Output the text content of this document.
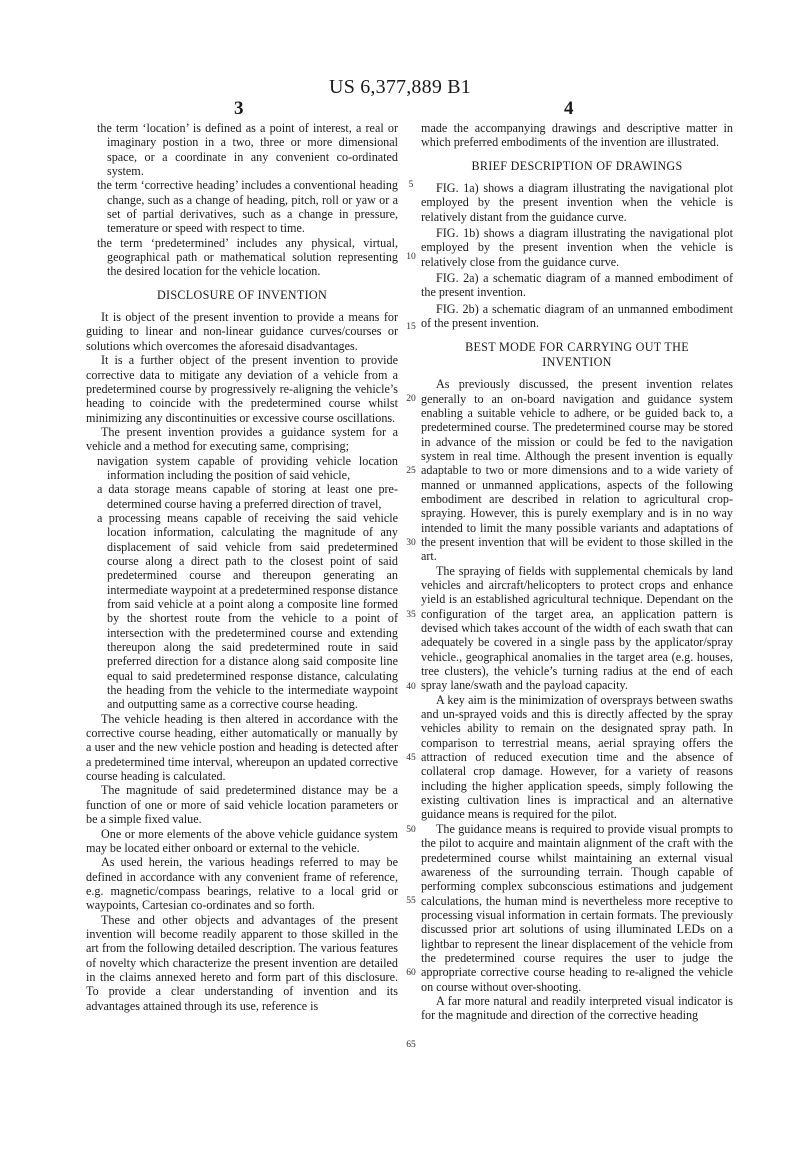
US 6,377,889 B1
3	4
5
10
15
20
25
30
35
40
45
50
55
60
65

the term ‘location’ is defined as a point of interest, a real or imaginary postion in a two, three or more dimensional space, or a coordinate in any convenient co-ordinated system.

the term ‘corrective heading’ includes a conventional heading change, such as a change of heading, pitch, roll or yaw or a set of partial derivatives, such as a change in pressure, temerature or speed with respect to time.

the term ‘predetermined’ includes any physical, virtual, geographical path or mathematical solution representing the desired location for the vehicle location.

DISCLOSURE OF INVENTION

It is object of the present invention to provide a means for guiding to linear and non-linear guidance curves/courses or solutions which overcomes the aforesaid disadvantages.

It is a further object of the present invention to provide corrective data to mitigate any deviation of a vehicle from a predetermined course by progressively re-aligning the vehicle’s heading to coincide with the predetermined course whilst minimizing any discontinuities or excessive course oscillations.

The present invention provides a guidance system for a vehicle and a method for executing same, comprising;

navigation system capable of providing vehicle location information including the position of said vehicle,

a data storage means capable of storing at least one pre-determined course having a preferred direction of travel,

a processing means capable of receiving the said vehicle location information, calculating the magnitude of any displacement of said vehicle from said predetermined course along a direct path to the closest point of said predetermined course and thereupon generating an intermediate waypoint at a predetermined response distance from said vehicle at a point along a composite line formed by the shortest route from the vehicle to a point of intersection with the predetermined course and extending thereupon along the said predetermined route in said preferred direction for a distance along said composite line equal to said predetermined response distance, calculating the heading from the vehicle to the intermediate waypoint and outputting same as a corrective course heading.

The vehicle heading is then altered in accordance with the corrective course heading, either automatically or manually by a user and the new vehicle postion and heading is detected after a predetermined time interval, whereupon an updated corrective course heading is calculated.

The magnitude of said predetermined distance may be a function of one or more of said vehicle location parameters or be a simple fixed value.

One or more elements of the above vehicle guidance system may be located either onboard or external to the vehicle.

As used herein, the various headings referred to may be defined in accordance with any convenient frame of reference, e.g. magnetic/compass bearings, relative to a local grid or waypoints, Cartesian co-ordinates and so forth.

These and other objects and advantages of the present invention will become readily apparent to those skilled in the art from the following detailed description. The various features of novelty which characterize the present invention are detailed in the claims annexed hereto and form part of this disclosure. To provide a clear understanding of invention and its advantages attained through its use, reference is

made the accompanying drawings and descriptive matter in which preferred embodiments of the invention are illustrated.

BRIEF DESCRIPTION OF DRAWINGS

FIG. 1a) shows a diagram illustrating the navigational plot employed by the present invention when the vehicle is relatively distant from the guidance curve.

FIG. 1b) shows a diagram illustrating the navigational plot employed by the present invention when the vehicle is relatively close from the guidance curve.

FIG. 2a) a schematic diagram of a manned embodiment of the present invention.

FIG. 2b) a schematic diagram of an unmanned embodiment of the present invention.

BEST MODE FOR CARRYING OUT THE INVENTION

As previously discussed, the present invention relates generally to an on-board navigation and guidance system enabling a suitable vehicle to adhere, or be guided back to, a predetermined course. The predetermined course may be stored in advance of the mission or could be fed to the navigation system in real time. Although the present invention is equally adaptable to two or more dimensions and to a wide variety of manned or unmanned applications, aspects of the following embodiment are described in relation to agricultural crop-spraying. However, this is purely exemplary and is in no way intended to limit the many possible variants and adaptations of the present invention that will be evident to those skilled in the art.

The spraying of fields with supplemental chemicals by land vehicles and aircraft/helicopters to protect crops and enhance yield is an established agricultural technique. Dependant on the configuration of the target area, an application pattern is devised which takes account of the width of each swath that can adequately be covered in a single pass by the applicator/spray vehicle., geographical anomalies in the target area (e.g. houses, tree clusters), the vehicle’s turning radius at the end of each spray lane/swath and the payload capacity.

A key aim is the minimization of oversprays between swaths and un-sprayed voids and this is directly affected by the spray vehicles ability to remain on the designated spray path. In comparison to terrestrial means, aerial spraying offers the attraction of reduced execution time and the absence of collateral crop damage. However, for a variety of reasons including the higher application speeds, simply following the existing cultivation lines is impractical and an alternative guidance means is required for the pilot.

The guidance means is required to provide visual prompts to the pilot to acquire and maintain alignment of the craft with the predetermined course whilst maintaining an external visual awareness of the surrounding terrain. Though capable of performing complex subconscious estimations and judgement calculations, the human mind is nevertheless more receptive to processing visual information in certain formats. The previously discussed prior art solutions of using illuminated LEDs on a lightbar to represent the linear displacement of the vehicle from the predetermined course requires the user to judge the appropriate corrective course heading to re-aligned the vehicle on course without over-shooting.

A far more natural and readily interpreted visual indicator is for the magnitude and direction of the corrective heading
